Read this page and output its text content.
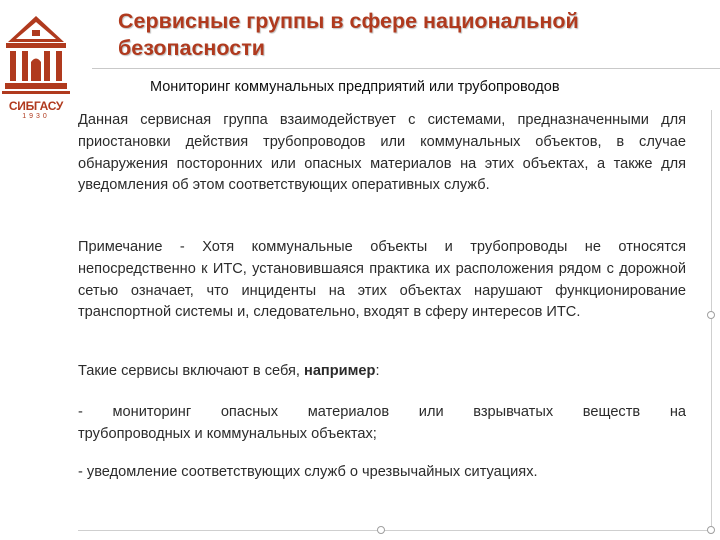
СИБГАСУ
1930
Сервисные группы в сфере национальной безопасности

Мониторинг коммунальных предприятий или трубопроводов

Данная сервисная группа взаимодействует с системами, предназначенными для приостановки действия трубопроводов или коммунальных объектов, в случае обнаружения посторонних или опасных материалов на этих объектах, а также для уведомления об этом соответствующих оперативных служб.

Примечание - Хотя коммунальные объекты и трубопроводы не относятся непосредственно к ИТС, установившаяся практика их расположения рядом с дорожной сетью означает, что инциденты на этих объектах нарушают функционирование транспортной системы и, следовательно, входят в сферу интересов ИТС.

Такие сервисы включают в себя, например:

- мониторинг опасных материалов или взрывчатых веществ на
трубопроводных и коммунальных объектах;

- уведомление соответствующих служб о чрезвычайных ситуациях.
